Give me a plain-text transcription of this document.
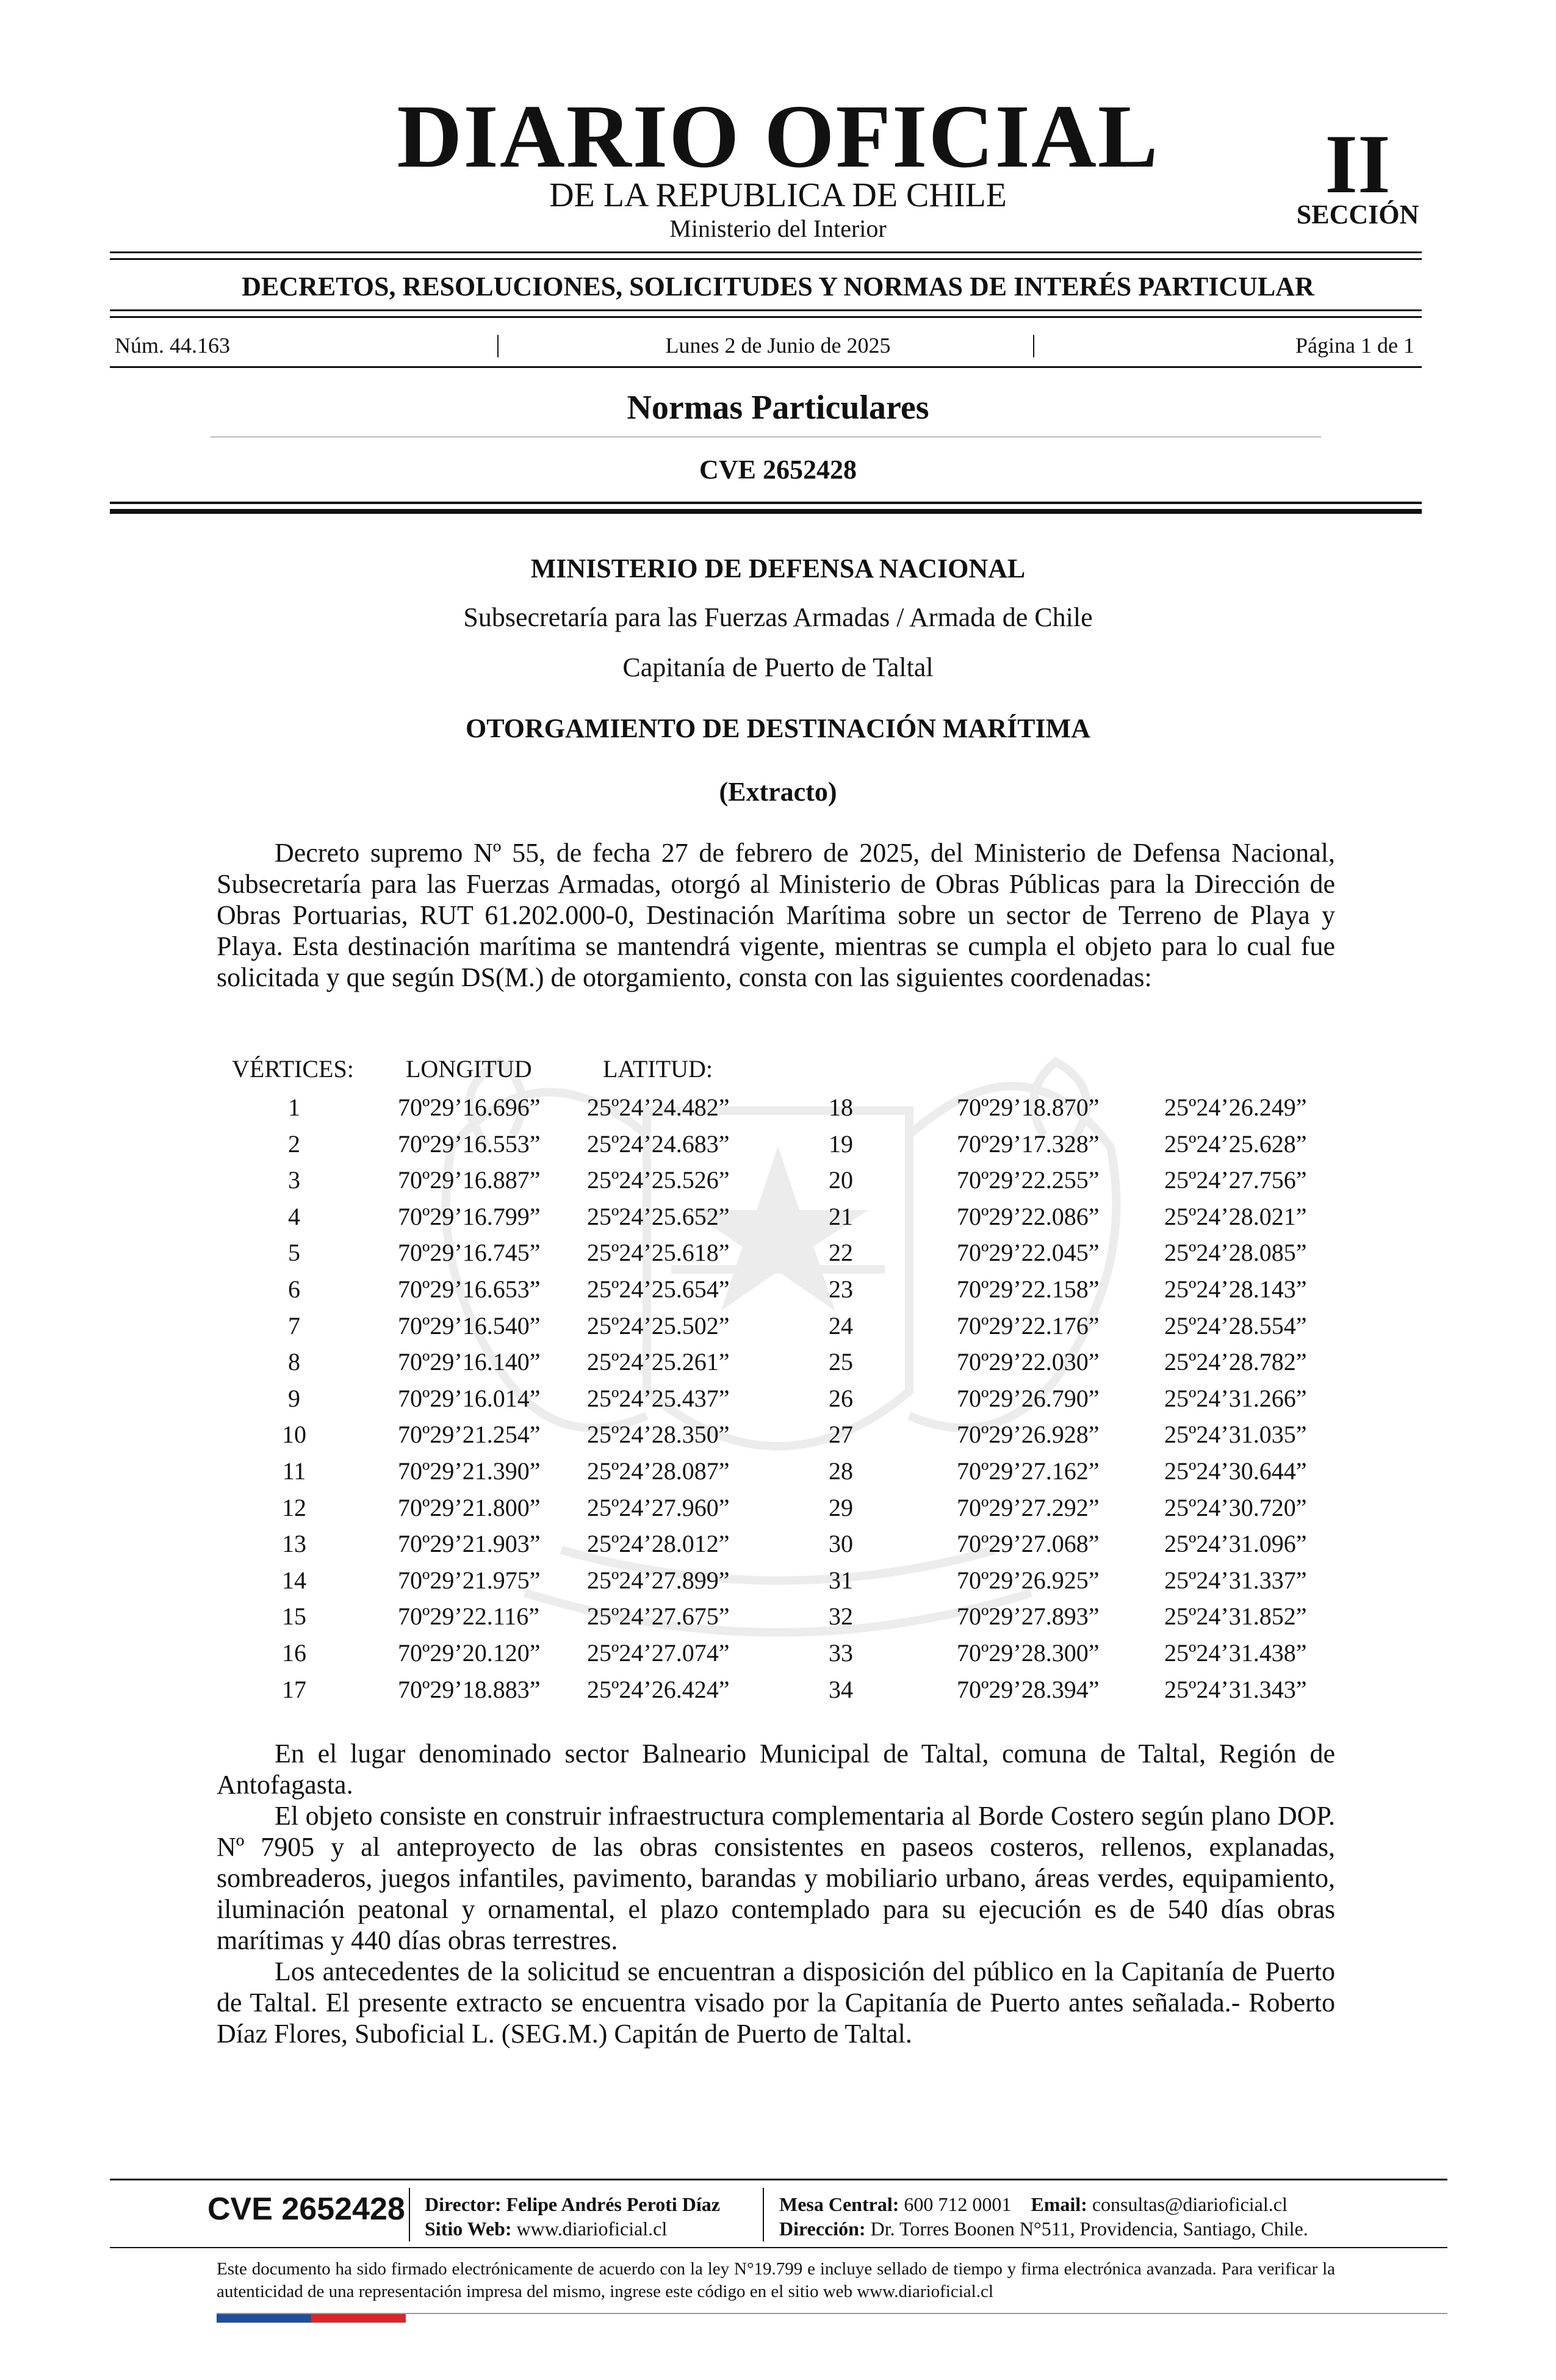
DIARIO OFICIAL
DE LA REPUBLICA DE CHILE
Ministerio del Interior
II
SECCIÓN
DECRETOS, RESOLUCIONES, SOLICITUDES Y NORMAS DE INTERÉS PARTICULAR
Núm. 44.163	|	Lunes 2 de Junio de 2025	|	Página 1 de 1
Normas Particulares
CVE 2652428
MINISTERIO DE DEFENSA NACIONAL
Subsecretaría para las Fuerzas Armadas / Armada de Chile
Capitanía de Puerto de Taltal
OTORGAMIENTO DE DESTINACIÓN MARÍTIMA
(Extracto)
Decreto supremo Nº 55, de fecha 27 de febrero de 2025, del Ministerio de Defensa Nacional, Subsecretaría para las Fuerzas Armadas, otorgó al Ministerio de Obras Públicas para la Dirección de Obras Portuarias, RUT 61.202.000-0, Destinación Marítima sobre un sector de Terreno de Playa y Playa. Esta destinación marítima se mantendrá vigente, mientras se cumpla el objeto para lo cual fue solicitada y que según DS(M.) de otorgamiento, consta con las siguientes coordenadas:
VÉRTICES: LONGITUD	LATITUD:
1	70º29’16.696” 25º24’24.482”	18	70º29’18.870”	25º24’26.249”
2	70º29’16.553” 25º24’24.683”	19	70º29’17.328”	25º24’25.628”
3	70º29’16.887” 25º24’25.526”	20	70º29’22.255”	25º24’27.756”
4	70º29’16.799” 25º24’25.652”	21	70º29’22.086”	25º24’28.021”
5	70º29’16.745” 25º24’25.618”	22	70º29’22.045”	25º24’28.085”
6	70º29’16.653” 25º24’25.654”	23	70º29’22.158”	25º24’28.143”
7	70º29’16.540” 25º24’25.502”	24	70º29’22.176”	25º24’28.554”
8	70º29’16.140” 25º24’25.261”	25	70º29’22.030”	25º24’28.782”
9	70º29’16.014” 25º24’25.437”	26	70º29’26.790”	25º24’31.266”
10	70º29’21.254” 25º24’28.350”	27	70º29’26.928”	25º24’31.035”
11	70º29’21.390” 25º24’28.087”	28	70º29’27.162”	25º24’30.644”
12	70º29’21.800” 25º24’27.960”	29	70º29’27.292”	25º24’30.720”
13	70º29’21.903” 25º24’28.012”	30	70º29’27.068”	25º24’31.096”
14	70º29’21.975” 25º24’27.899”	31	70º29’26.925”	25º24’31.337”
15	70º29’22.116” 25º24’27.675”	32	70º29’27.893”	25º24’31.852”
16	70º29’20.120” 25º24’27.074”	33	70º29’28.300”	25º24’31.438”
17	70º29’18.883” 25º24’26.424”	34	70º29’28.394”	25º24’31.343”
En el lugar denominado sector Balneario Municipal de Taltal, comuna de Taltal, Región de Antofagasta.
El objeto consiste en construir infraestructura complementaria al Borde Costero según plano DOP. Nº 7905 y al anteproyecto de las obras consistentes en paseos costeros, rellenos, explanadas, sombreaderos, juegos infantiles, pavimento, barandas y mobiliario urbano, áreas verdes, equipamiento, iluminación peatonal y ornamental, el plazo contemplado para su ejecución es de 540 días obras marítimas y 440 días obras terrestres.
Los antecedentes de la solicitud se encuentran a disposición del público en la Capitanía de Puerto de Taltal. El presente extracto se encuentra visado por la Capitanía de Puerto antes señalada.- Roberto Díaz Flores, Suboficial L. (SEG.M.) Capitán de Puerto de Taltal.
CVE 2652428 Director: Felipe Andrés Peroti Díaz
Sitio Web: www.diarioficial.cl
Mesa Central: 600 712 0001 Email: consultas@diarioficial.cl
Dirección: Dr. Torres Boonen N°511, Providencia, Santiago, Chile.
Este documento ha sido firmado electrónicamente de acuerdo con la ley N°19.799 e incluye sellado de tiempo y firma electrónica avanzada. Para verificar la autenticidad de una representación impresa del mismo, ingrese este código en el sitio web www.diarioficial.cl
